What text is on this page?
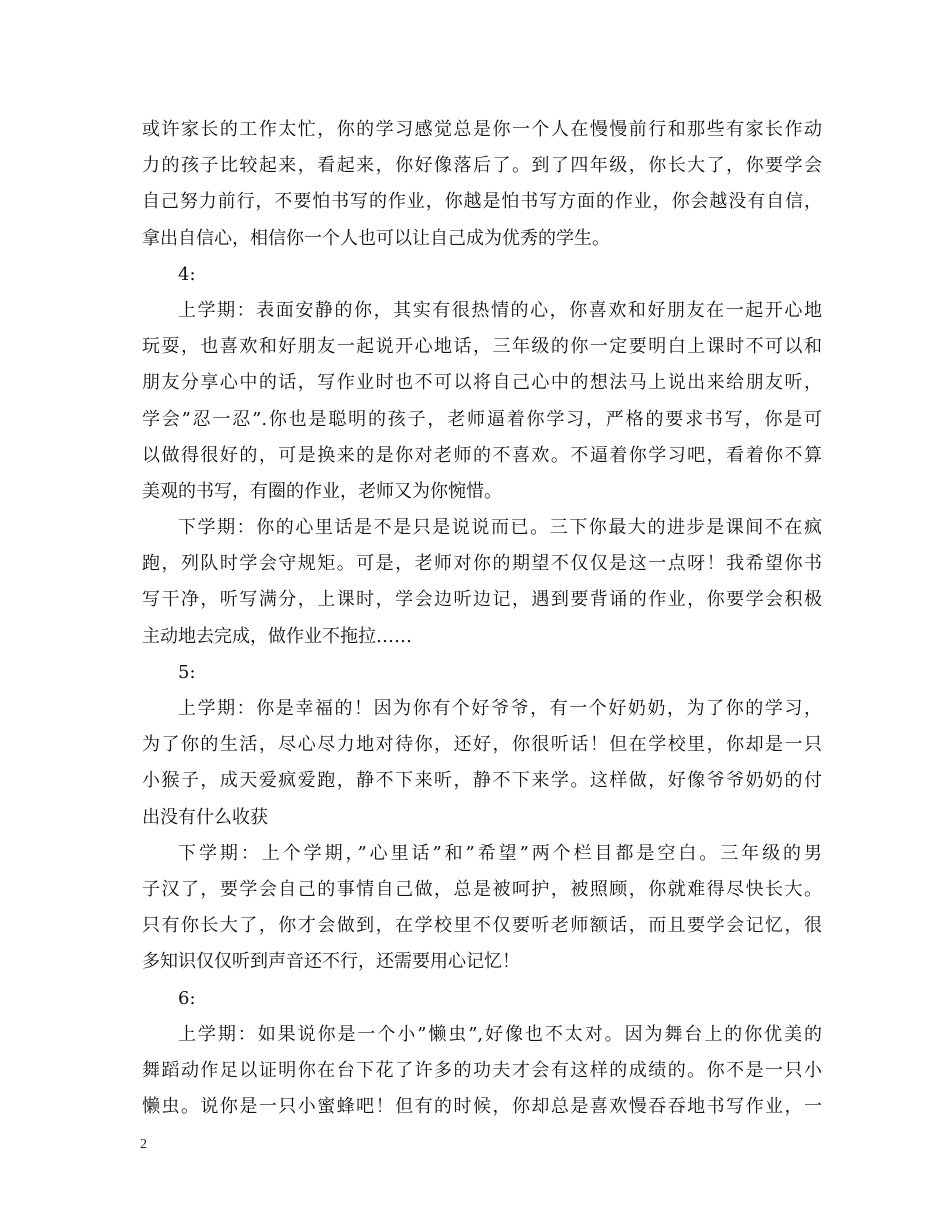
或许家长的工作太忙，你的学习感觉总是你一个人在慢慢前行和那些有家长作动
力的孩子比较起来，看起来，你好像落后了。到了四年级，你长大了，你要学会
自己努力前行，不要怕书写的作业，你越是怕书写方面的作业，你会越没有自信，
拿出自信心，相信你一个人也可以让自己成为优秀的学生。
4:
上学期：表面安静的你，其实有很热情的心，你喜欢和好朋友在一起开心地
玩耍，也喜欢和好朋友一起说开心地话，三年级的你一定要明白上课时不可以和
朋友分享心中的话，写作业时也不可以将自己心中的想法马上说出来给朋友听，
学会”忍一忍”.你也是聪明的孩子，老师逼着你学习，严格的要求书写，你是可
以做得很好的，可是换来的是你对老师的不喜欢。不逼着你学习吧，看着你不算
美观的书写，有圈的作业，老师又为你惋惜。
下学期：你的心里话是不是只是说说而已。三下你最大的进步是课间不在疯
跑，列队时学会守规矩。可是，老师对你的期望不仅仅是这一点呀！我希望你书
写干净，听写满分，上课时，学会边听边记，遇到要背诵的作业，你要学会积极
主动地去完成，做作业不拖拉……
5:
上学期：你是幸福的！因为你有个好爷爷，有一个好奶奶，为了你的学习，
为了你的生活，尽心尽力地对待你，还好，你很听话！但在学校里，你却是一只
小猴子，成天爱疯爱跑，静不下来听，静不下来学。这样做，好像爷爷奶奶的付
出没有什么收获
下学期：上个学期，”心里话”和”希望”两个栏目都是空白。三年级的男
子汉了，要学会自己的事情自己做，总是被呵护，被照顾，你就难得尽快长大。
只有你长大了，你才会做到，在学校里不仅要听老师额话，而且要学会记忆，很
多知识仅仅听到声音还不行，还需要用心记忆！
6:
上学期：如果说你是一个小”懒虫”,好像也不太对。因为舞台上的你优美的
舞蹈动作足以证明你在台下花了许多的功夫才会有这样的成绩的。你不是一只小
懒虫。说你是一只小蜜蜂吧！但有的时候，你却总是喜欢慢吞吞地书写作业，一
2
